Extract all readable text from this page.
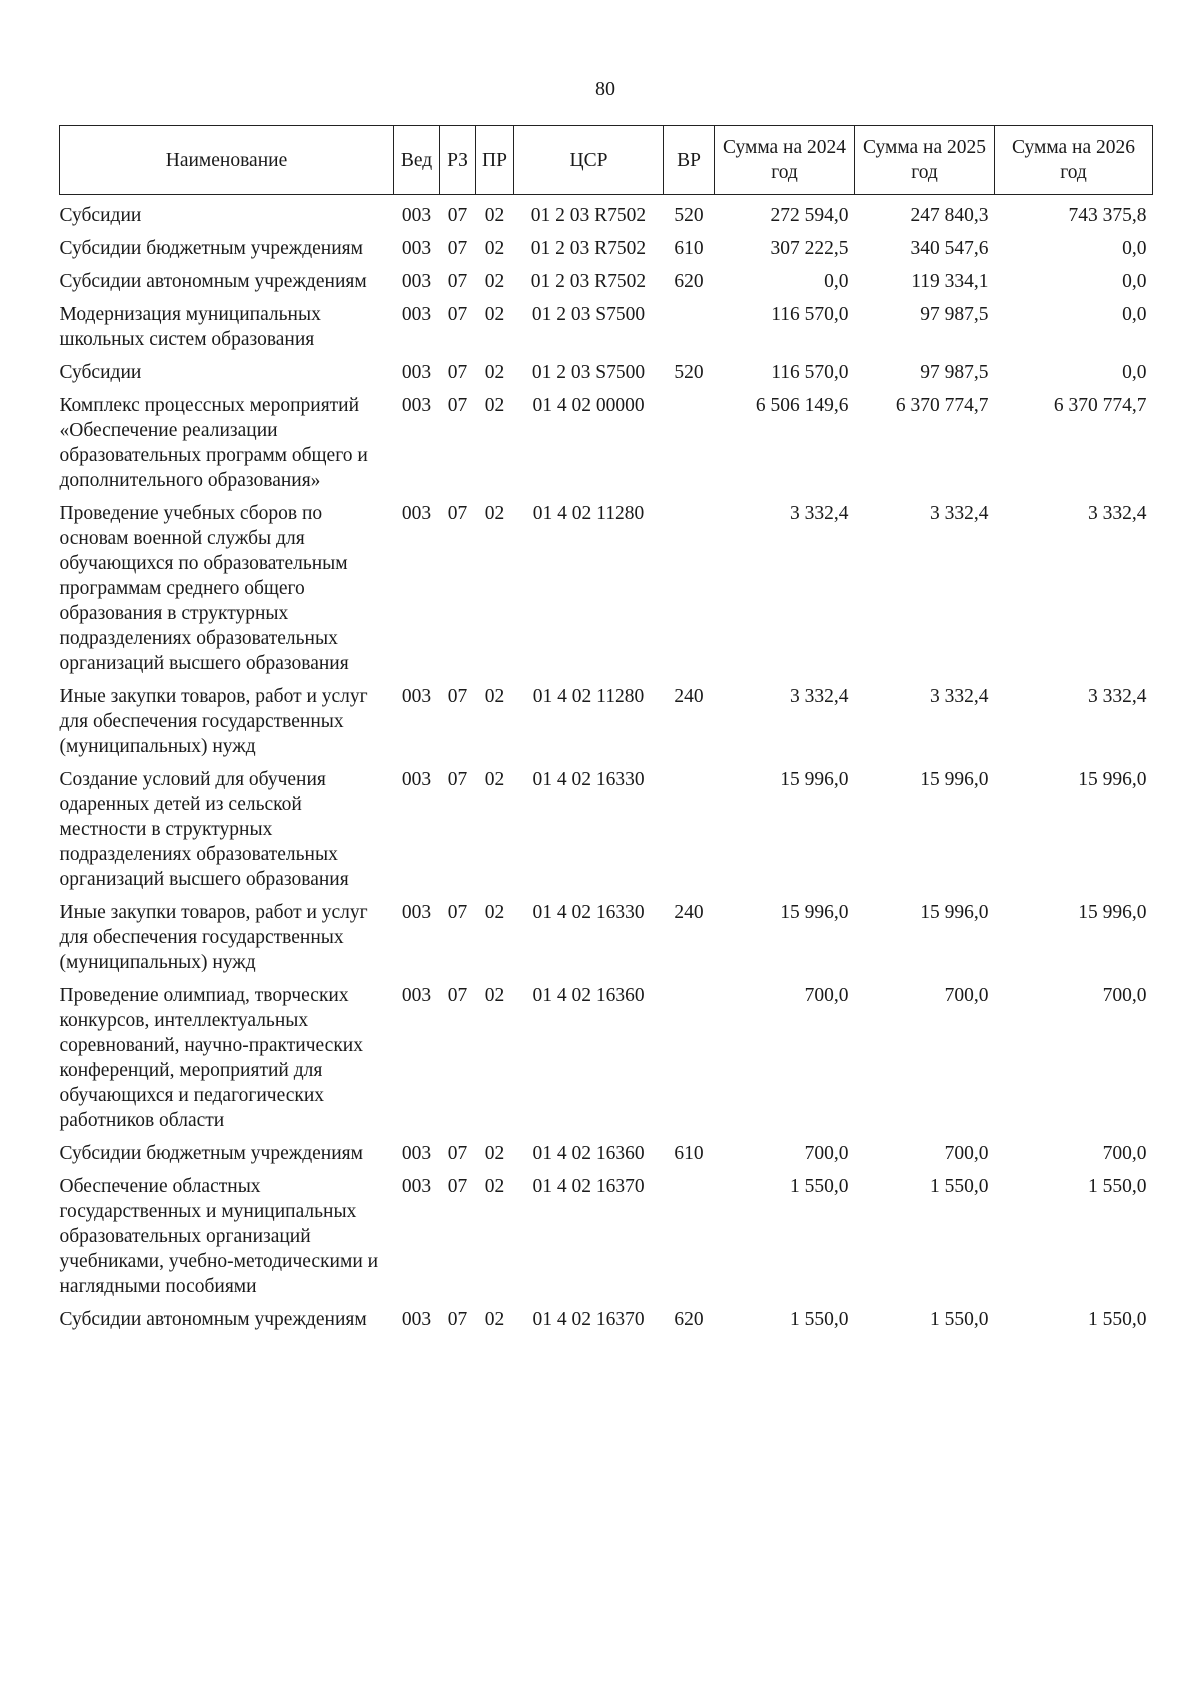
80
Наименование	Вед	РЗ	ПР	ЦСР	ВР	Сумма на 2024 год	Сумма на 2025 год	Сумма на 2026 год
Субсидии	003	07	02	01 2 03 R7502	520	272 594,0	247 840,3	743 375,8
Субсидии бюджетным учреждениям	003	07	02	01 2 03 R7502	610	307 222,5	340 547,6	0,0
Субсидии автономным учреждениям	003	07	02	01 2 03 R7502	620	0,0	119 334,1	0,0
Модернизация муниципальных школьных систем образования	003	07	02	01 2 03 S7500		116 570,0	97 987,5	0,0
Субсидии	003	07	02	01 2 03 S7500	520	116 570,0	97 987,5	0,0
Комплекс процессных мероприятий «Обеспечение реализации образовательных программ общего и дополнительного образования»	003	07	02	01 4 02 00000		6 506 149,6	6 370 774,7	6 370 774,7
Проведение учебных сборов по основам военной службы для обучающихся по образовательным программам среднего общего образования в структурных подразделениях образовательных организаций высшего образования	003	07	02	01 4 02 11280		3 332,4	3 332,4	3 332,4
Иные закупки товаров, работ и услуг для обеспечения государственных (муниципальных) нужд	003	07	02	01 4 02 11280	240	3 332,4	3 332,4	3 332,4
Создание условий для обучения одаренных детей из сельской местности в структурных подразделениях образовательных организаций высшего образования	003	07	02	01 4 02 16330		15 996,0	15 996,0	15 996,0
Иные закупки товаров, работ и услуг для обеспечения государственных (муниципальных) нужд	003	07	02	01 4 02 16330	240	15 996,0	15 996,0	15 996,0
Проведение олимпиад, творческих конкурсов, интеллектуальных соревнований, научно-практических конференций, мероприятий для обучающихся и педагогических работников области	003	07	02	01 4 02 16360		700,0	700,0	700,0
Субсидии бюджетным учреждениям	003	07	02	01 4 02 16360	610	700,0	700,0	700,0
Обеспечение областных государственных и муниципальных образовательных организаций учебниками, учебно-методическими и наглядными пособиями	003	07	02	01 4 02 16370		1 550,0	1 550,0	1 550,0
Субсидии автономным учреждениям	003	07	02	01 4 02 16370	620	1 550,0	1 550,0	1 550,0
